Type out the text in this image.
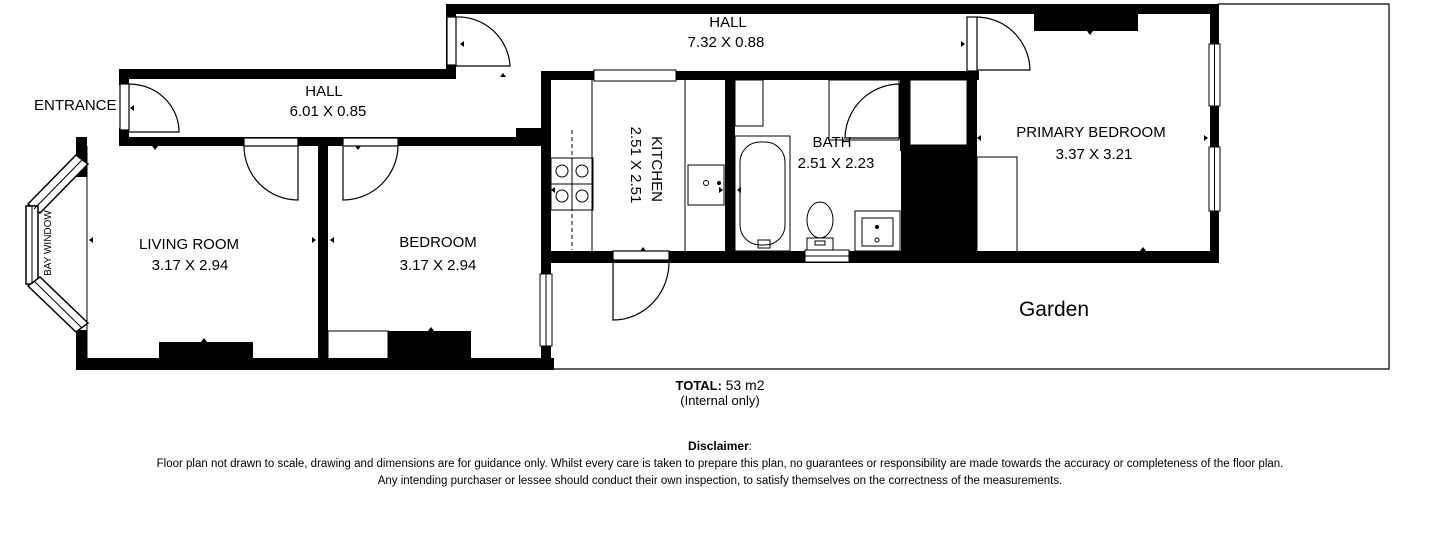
ENTRANCE
HALL
6.01 X 0.85
HALL
7.32 X 0.88
LIVING ROOM
3.17 X 2.94
BEDROOM
3.17 X 2.94
KITCHEN
2.51 X 2.51	BATH
2.51 X 2.23
PRIMARY BEDROOM
3.37 X 3.21
Garden
BAY WINDOW
TOTAL: 53 m2
(Internal only)
Disclaimer:
Floor plan not drawn to scale, drawing and dimensions are for guidance only. Whilst every care is taken to prepare this plan, no guarantees or responsibility are made towards the accuracy or completeness of the floor plan.
Any intending purchaser or lessee should conduct their own inspection, to satisfy themselves on the correctness of the measurements.
